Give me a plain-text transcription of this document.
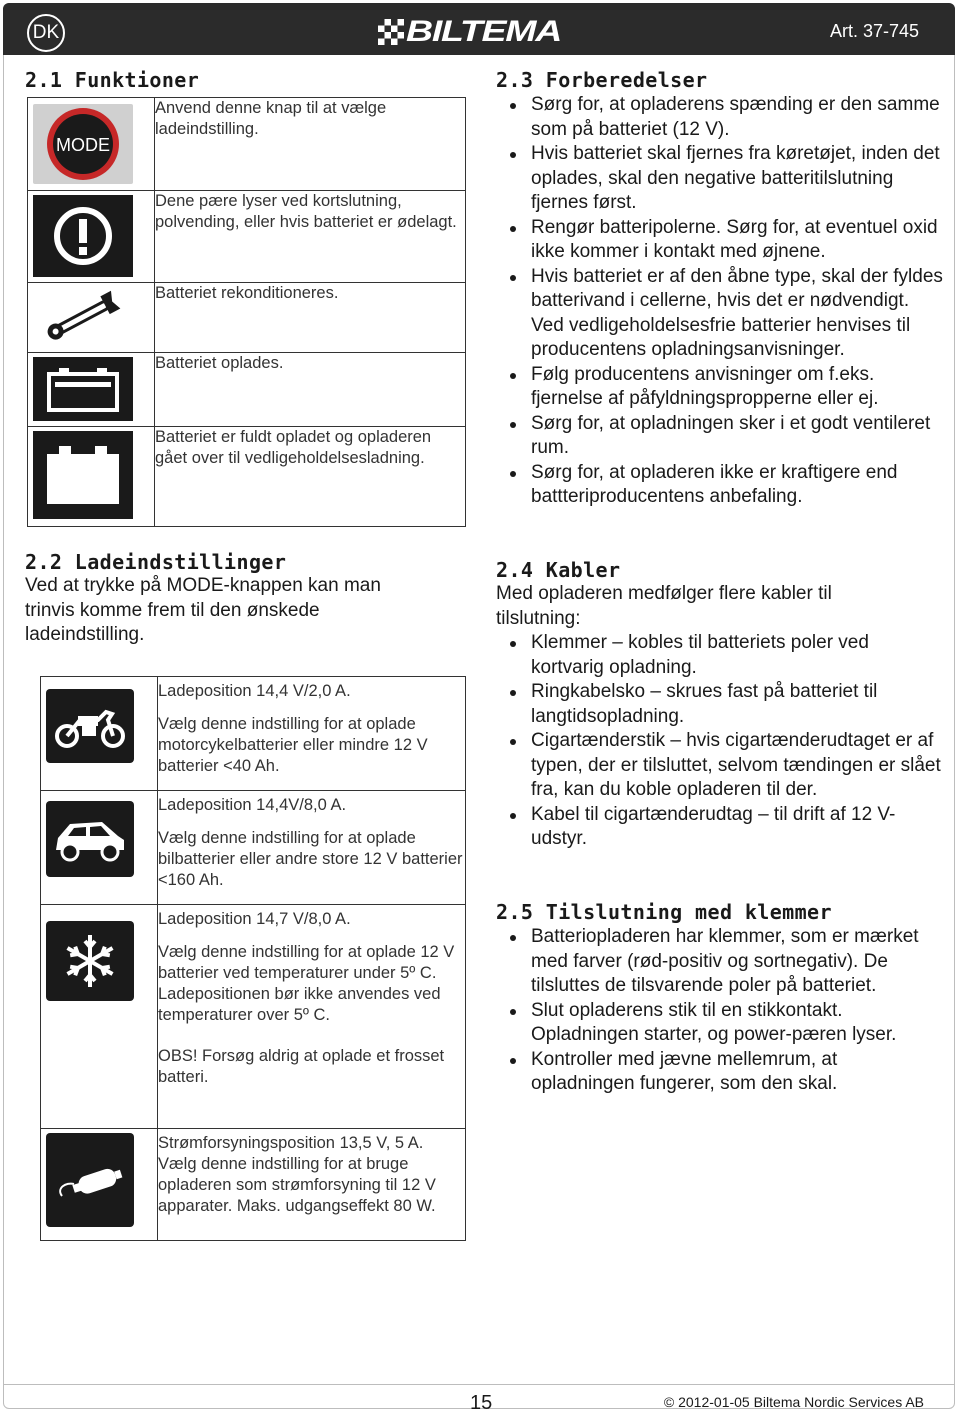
DK	BILTEMA	Art. 37-745
2.1 Funktioner
MODE	Anvend denne knap til at vælge ladeindstilling.

	Dene pære lyser ved kortslutning, polvending, eller hvis batteriet er ødelagt.

	Batteriet rekonditioneres.

	Batteriet oplades.

	Batteriet er fuldt opladet og opladeren gået over til vedligeholdelsesladning.
2.2 Ladeindstillinger

Ved at trykke på MODE-knappen kan man trinvis komme frem til den ønskede ladeindstilling.

Ladeposition 14,4 V/2,0 A.
Vælg denne indstilling for at oplade motorcykelbatterier eller mindre 12 V batterier <40 Ah.

Ladeposition 14,4V/8,0 A.
Vælg denne indstilling for at oplade bilbatterier eller andre store 12 V batterier <160 Ah.

Ladeposition 14,7 V/8,0 A.
Vælg denne indstilling for at oplade 12 V batterier ved temperaturer under 5º C. Ladepositionen bør ikke anvendes ved temperaturer over 5º C.
OBS! Forsøg aldrig at oplade et frosset batteri.

Strømforsyningsposition 13,5 V, 5 A.
Vælg denne indstilling for at bruge opladeren som strømforsyning til 12 V apparater. Maks. udgangseffekt 80 W.
2.3 Forberedelser
Sørg for, at opladerens spænding er den samme som på batteriet (12 V).
Hvis batteriet skal fjernes fra køretøjet, inden det oplades, skal den negative batteritilslutning fjernes først.
Rengør batteripolerne. Sørg for, at eventuel oxid ikke kommer i kontakt med øjnene.
Hvis batteriet er af den åbne type, skal der fyldes batterivand i cellerne, hvis det er nødvendigt. Ved vedligeholdelsesfrie batterier henvises til producentens opladningsanvisninger.
Følg producentens anvisninger om f.eks. fjernelse af påfyldningspropperne eller ej.
Sørg for, at opladningen sker i et godt ventileret rum.
Sørg for, at opladeren ikke er kraftigere end battteriproducentens anbefaling.
2.4 Kabler

Med opladeren medfølger flere kabler til tilslutning:

Klemmer – kobles til batteriets poler ved kortvarig opladning.
Ringkabelsko – skrues fast på batteriet til langtidsopladning.
Cigartænderstik – hvis cigartænderudtaget er af typen, der er tilsluttet, selvom tændingen er slået fra, kan du koble opladeren til der.
Kabel til cigartænderudtag – til drift af 12 V-udstyr.
2.5 Tilslutning med klemmer
Batteriopladeren har klemmer, som er mærket med farver (rød-positiv og sortnegativ). De tilsluttes de tilsvarende poler på batteriet.
Slut opladerens stik til en stikkontakt. Opladningen starter, og power-pæren lyser.
Kontroller med jævne mellemrum, at opladningen fungerer, som den skal.
15	© 2012-01-05 Biltema Nordic Services AB
